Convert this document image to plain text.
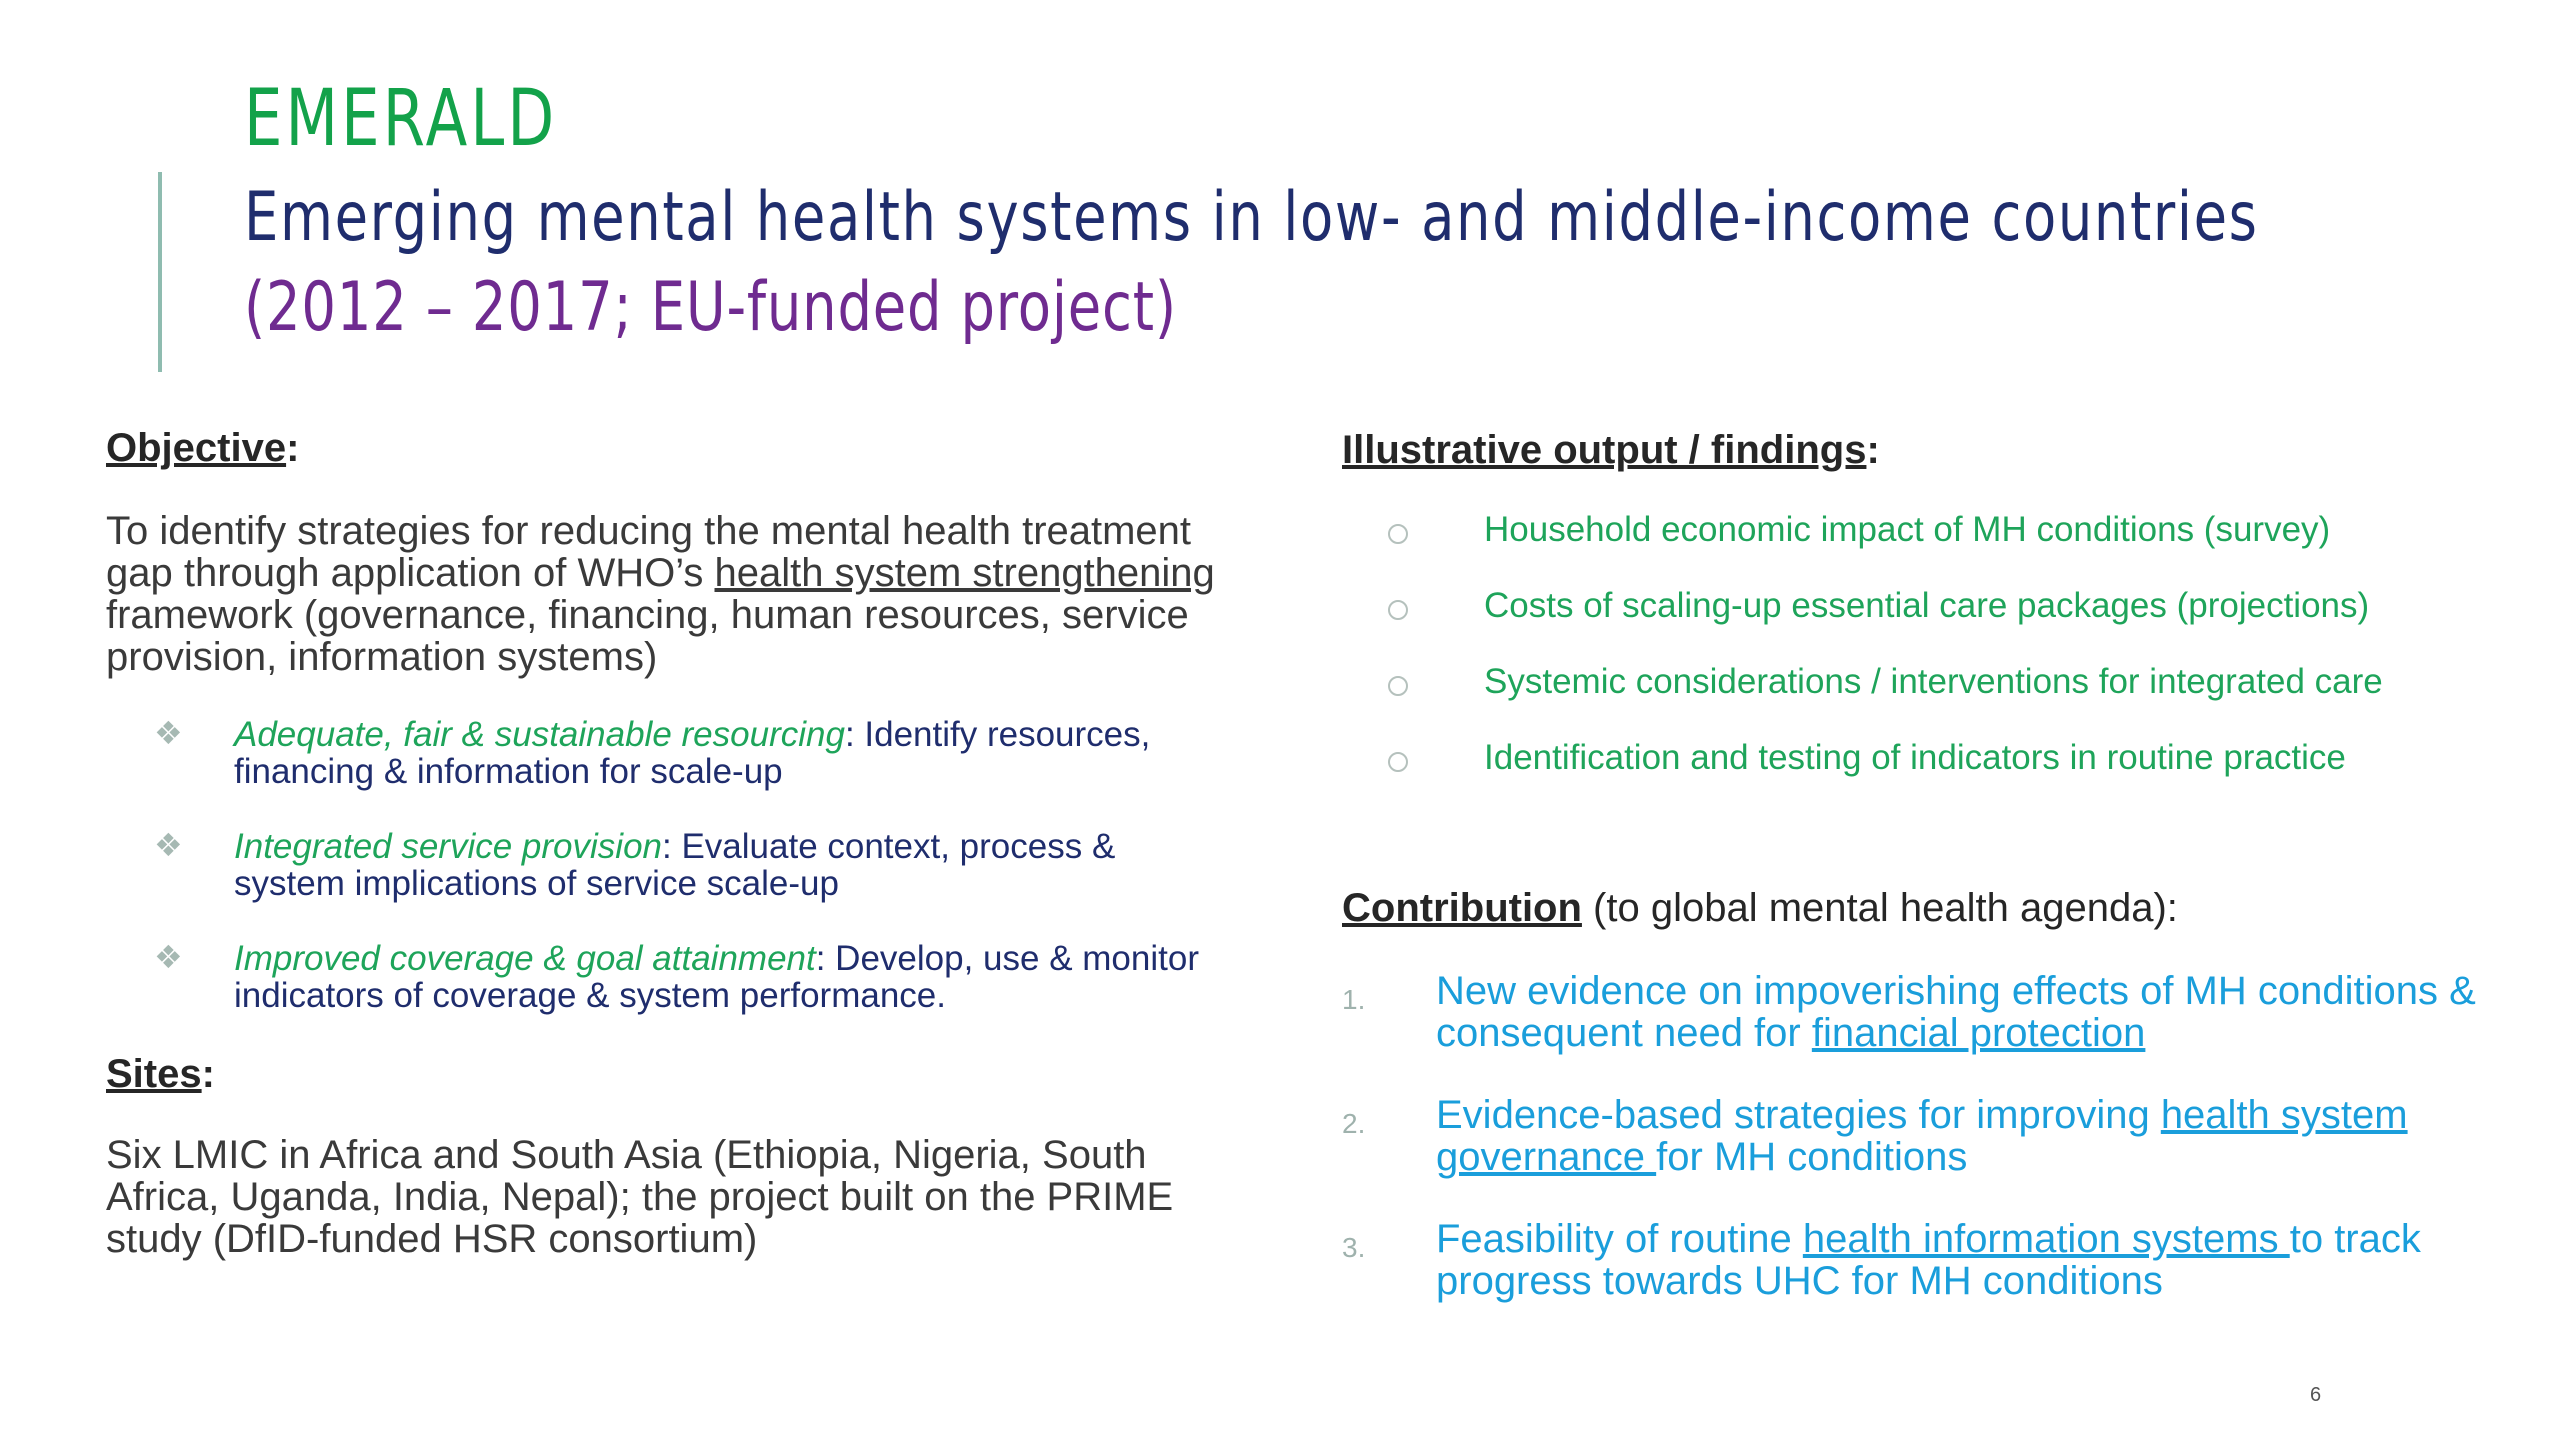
EMERALD
Emerging mental health systems in low- and middle-income countries
(2012 – 2017; EU-funded project)
Objective:
To identify strategies for reducing the mental health treatment gap through application of WHO’s health system strengthening framework (governance, financing, human resources, service provision, information systems)
❖ Adequate, fair & sustainable resourcing: Identify resources, financing & information for scale-up
❖ Integrated service provision: Evaluate context, process & system implications of service scale-up
❖ Improved coverage & goal attainment: Develop, use & monitor indicators of coverage & system performance.
Sites:
Six LMIC in Africa and South Asia (Ethiopia, Nigeria, South Africa, Uganda, India, Nepal); the project built on the PRIME study (DfID-funded HSR consortium)
Illustrative output / findings:
Household economic impact of MH conditions (survey)
Costs of scaling-up essential care packages (projections)
Systemic considerations / interventions for integrated care
Identification and testing of indicators in routine practice
Contribution (to global mental health agenda):
1. New evidence on impoverishing effects of MH conditions & consequent need for financial protection
2. Evidence-based strategies for improving health system governance for MH conditions
3. Feasibility of routine health information systems to track progress towards UHC for MH conditions
6
